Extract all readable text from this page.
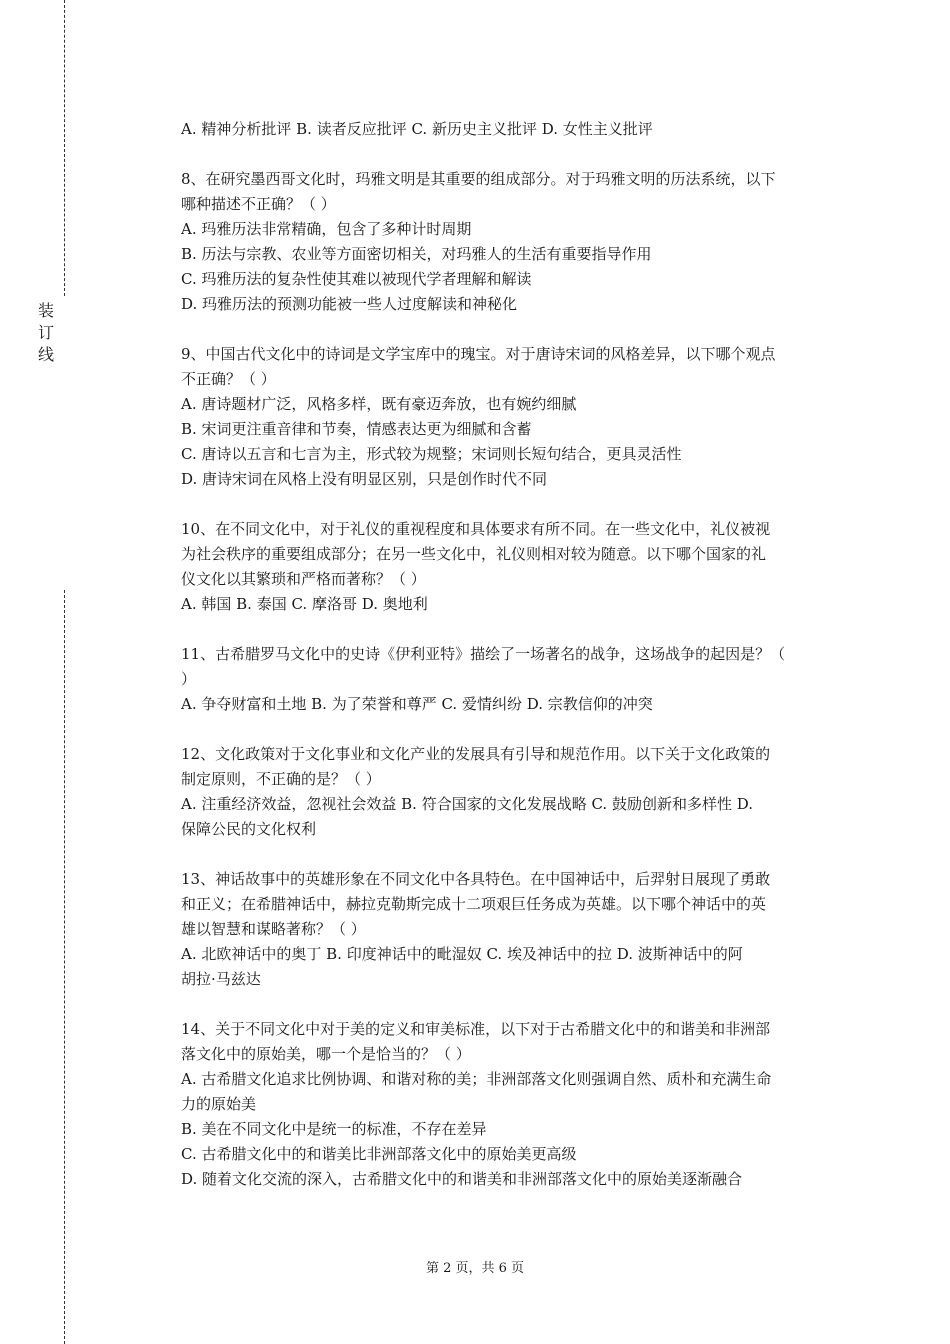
装
订
线
A. 精神分析批评 B. 读者反应批评 C. 新历史主义批评 D. 女性主义批评
8、在研究墨西哥文化时，玛雅文明是其重要的组成部分。对于玛雅文明的历法系统，以下
哪种描述不正确？（ ）
A. 玛雅历法非常精确，包含了多种计时周期
B. 历法与宗教、农业等方面密切相关，对玛雅人的生活有重要指导作用
C. 玛雅历法的复杂性使其难以被现代学者理解和解读
D. 玛雅历法的预测功能被一些人过度解读和神秘化
9、中国古代文化中的诗词是文学宝库中的瑰宝。对于唐诗宋词的风格差异，以下哪个观点
不正确？（ ）
A. 唐诗题材广泛，风格多样，既有豪迈奔放，也有婉约细腻
B. 宋词更注重音律和节奏，情感表达更为细腻和含蓄
C. 唐诗以五言和七言为主，形式较为规整；宋词则长短句结合，更具灵活性
D. 唐诗宋词在风格上没有明显区别，只是创作时代不同
10、在不同文化中，对于礼仪的重视程度和具体要求有所不同。在一些文化中，礼仪被视
为社会秩序的重要组成部分；在另一些文化中，礼仪则相对较为随意。以下哪个国家的礼
仪文化以其繁琐和严格而著称？（ ）
A. 韩国 B. 泰国 C. 摩洛哥 D. 奥地利
11、古希腊罗马文化中的史诗《伊利亚特》描绘了一场著名的战争，这场战争的起因是？（
）
A. 争夺财富和土地 B. 为了荣誉和尊严 C. 爱情纠纷 D. 宗教信仰的冲突
12、文化政策对于文化事业和文化产业的发展具有引导和规范作用。以下关于文化政策的
制定原则，不正确的是？（ ）
A. 注重经济效益，忽视社会效益 B. 符合国家的文化发展战略 C. 鼓励创新和多样性 D.
保障公民的文化权利
13、神话故事中的英雄形象在不同文化中各具特色。在中国神话中，后羿射日展现了勇敢
和正义；在希腊神话中，赫拉克勒斯完成十二项艰巨任务成为英雄。以下哪个神话中的英
雄以智慧和谋略著称？（ ）
A. 北欧神话中的奥丁 B. 印度神话中的毗湿奴 C. 埃及神话中的拉 D. 波斯神话中的阿
胡拉·马兹达
14、关于不同文化中对于美的定义和审美标准，以下对于古希腊文化中的和谐美和非洲部
落文化中的原始美，哪一个是恰当的？（ ）
A. 古希腊文化追求比例协调、和谐对称的美；非洲部落文化则强调自然、质朴和充满生命
力的原始美
B. 美在不同文化中是统一的标准，不存在差异
C. 古希腊文化中的和谐美比非洲部落文化中的原始美更高级
D. 随着文化交流的深入，古希腊文化中的和谐美和非洲部落文化中的原始美逐渐融合
第 2 页，共 6 页
